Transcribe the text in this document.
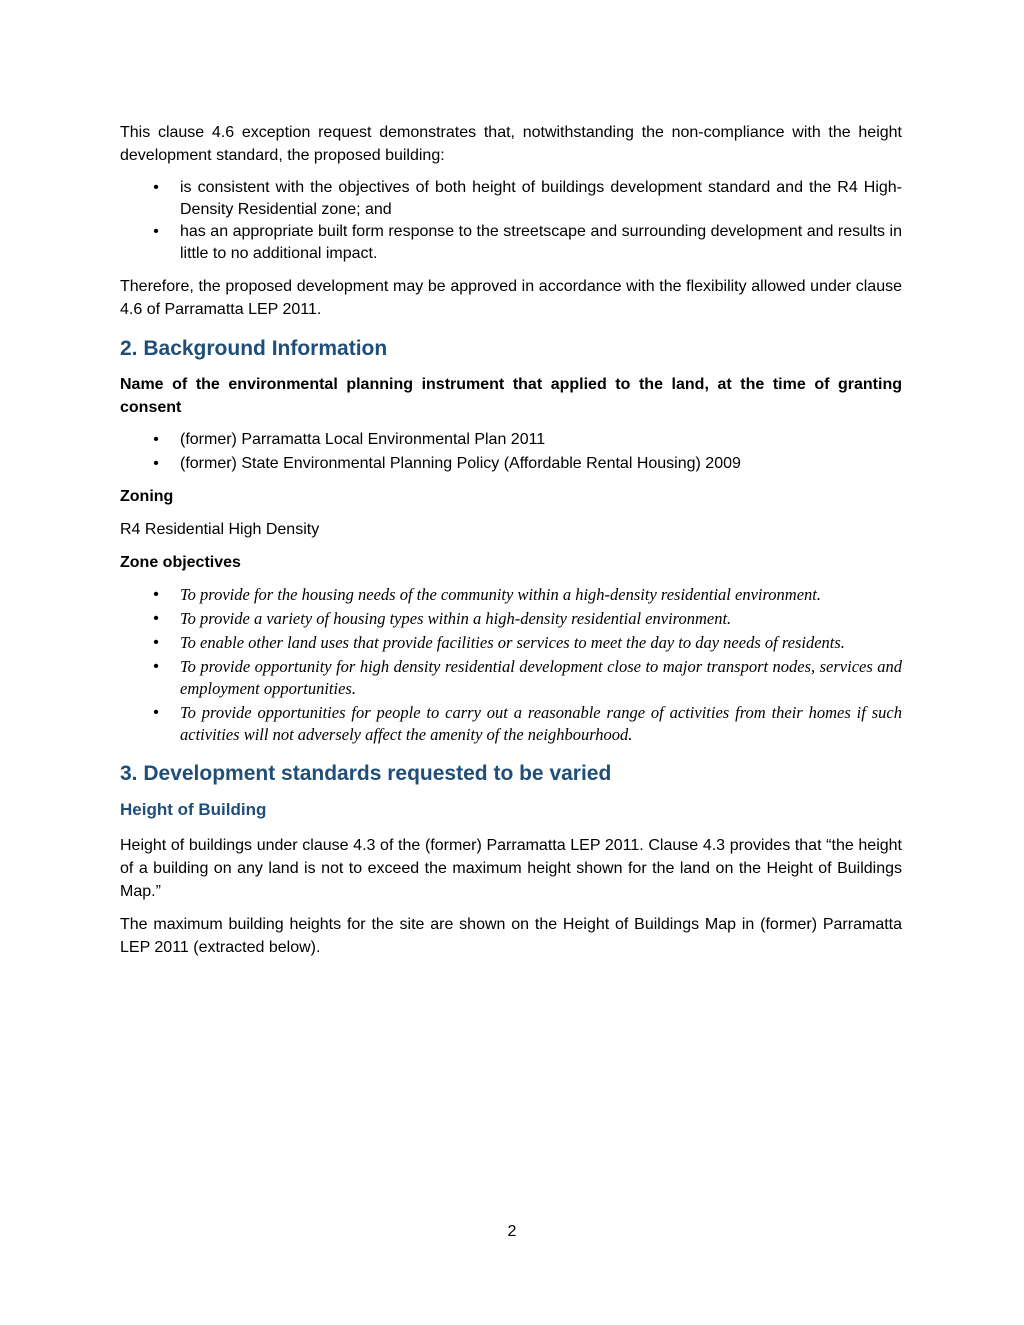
This clause 4.6 exception request demonstrates that, notwithstanding the non-compliance with the height development standard, the proposed building:

• is consistent with the objectives of both height of buildings development standard and the R4 High-Density Residential zone; and
• has an appropriate built form response to the streetscape and surrounding development and results in little to no additional impact.

Therefore, the proposed development may be approved in accordance with the flexibility allowed under clause 4.6 of Parramatta LEP 2011.

2. Background Information

Name of the environmental planning instrument that applied to the land, at the time of granting consent

• (former) Parramatta Local Environmental Plan 2011
• (former) State Environmental Planning Policy (Affordable Rental Housing) 2009

Zoning

R4 Residential High Density

Zone objectives

• To provide for the housing needs of the community within a high-density residential environment.
• To provide a variety of housing types within a high-density residential environment.
• To enable other land uses that provide facilities or services to meet the day to day needs of residents.
• To provide opportunity for high density residential development close to major transport nodes, services and employment opportunities.
• To provide opportunities for people to carry out a reasonable range of activities from their homes if such activities will not adversely affect the amenity of the neighbourhood.
3. Development standards requested to be varied
Height of Building

Height of buildings under clause 4.3 of the (former) Parramatta LEP 2011. Clause 4.3 provides that “the height of a building on any land is not to exceed the maximum height shown for the land on the Height of Buildings Map.”

The maximum building heights for the site are shown on the Height of Buildings Map in (former) Parramatta LEP 2011 (extracted below).

2
